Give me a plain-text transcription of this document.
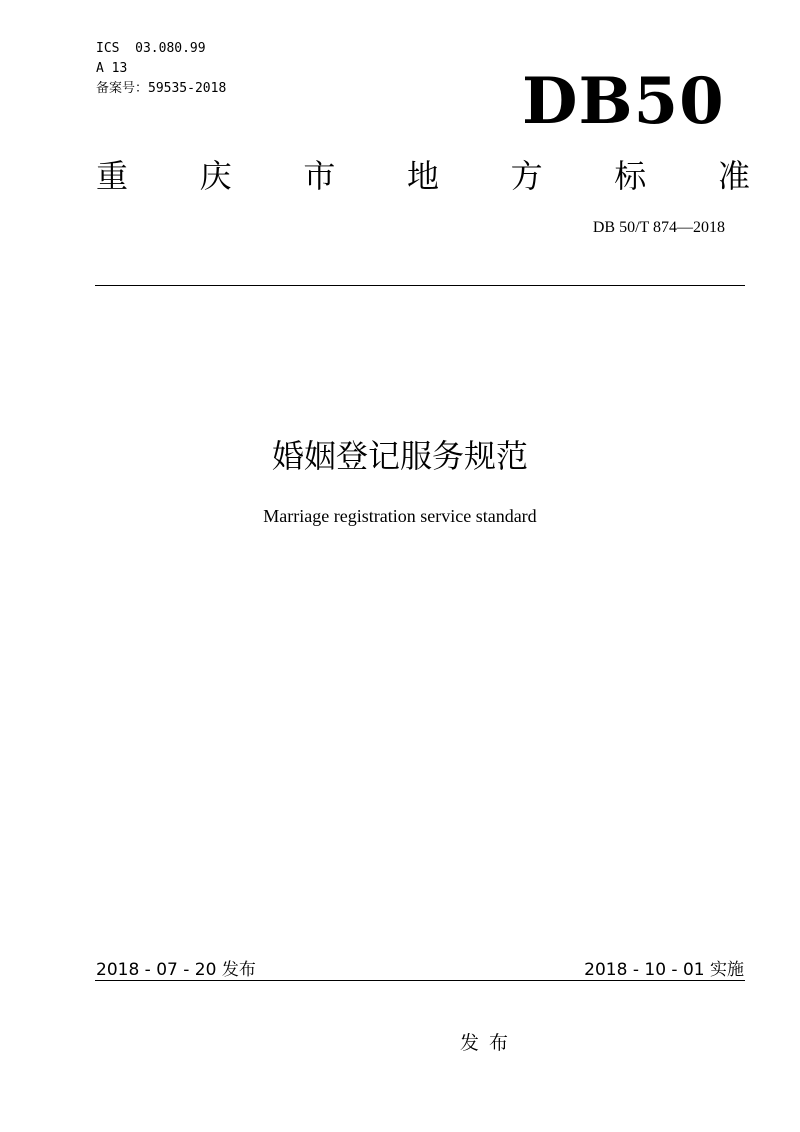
ICS  03.080.99
A 13
备案号：59535-2018	DB50
重 庆 市 地 方 标 准
DB 50/T 874—2018
婚姻登记服务规范
Marriage registration service standard
2018 - 07 - 20 发布	2018 - 10 - 01 实施
发布
